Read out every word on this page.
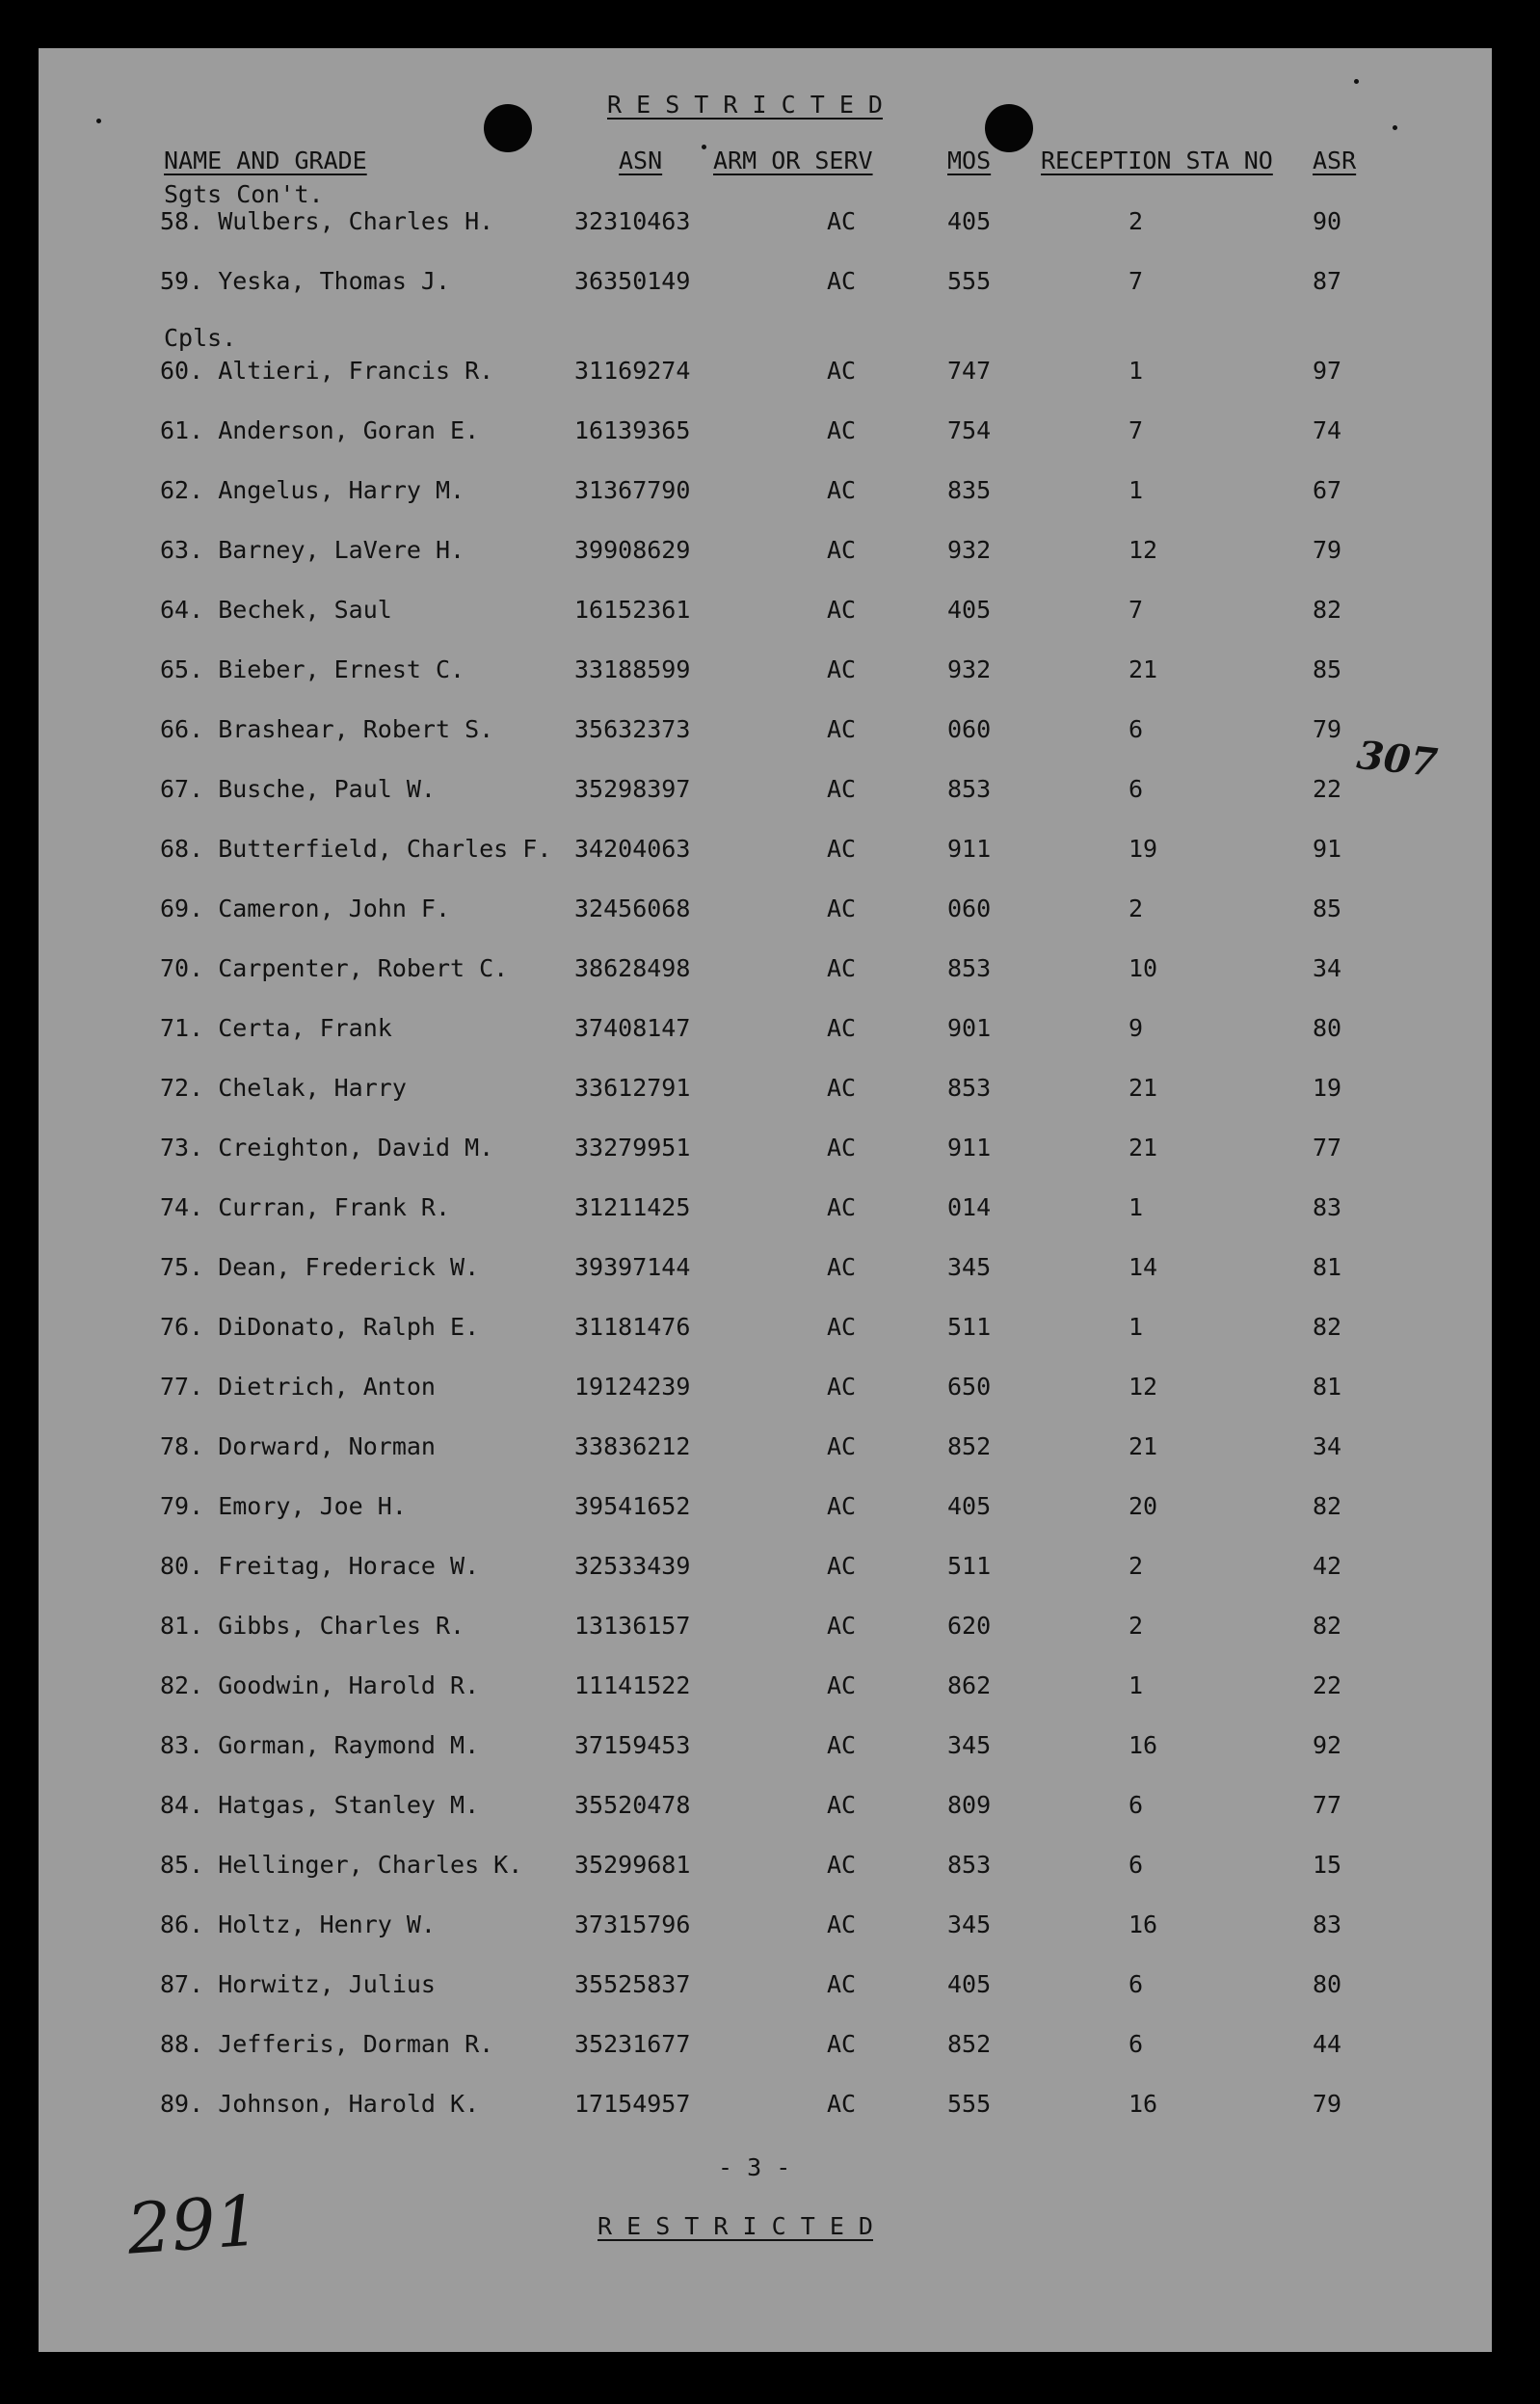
R E S T R I C T E D
NAME AND GRADE	ASN ARM OR SERV	MOS RECEPTION STA NO ASR
Sgts Con't.
Cpls.
58. Wulbers, Charles H.	32310463	AC	405	2	90
59. Yeska, Thomas J.	36350149	AC	555	7	87
60. Altieri, Francis R.	31169274	AC	747	1	97
61. Anderson, Goran E.	16139365	AC	754	7	74
62. Angelus, Harry M.	31367790	AC	835	1	67
63. Barney, LaVere H.	39908629	AC	932	12	79
64. Bechek, Saul	16152361	AC	405	7	82
65. Bieber, Ernest C.	33188599	AC	932	21	85
66. Brashear, Robert S.	35632373	AC	060	6	79
67. Busche, Paul W.	35298397	AC	853	6	22
68. Butterfield, Charles F. 34204063	AC	911	19	91
69. Cameron, John F.	32456068	AC	060	2	85
70. Carpenter, Robert C.	38628498	AC	853	10	34
71. Certa, Frank	37408147	AC	901	9	80
72. Chelak, Harry	33612791	AC	853	21	19
73. Creighton, David M.	33279951	AC	911	21	77
74. Curran, Frank R.	31211425	AC	014	1	83
75. Dean, Frederick W.	39397144	AC	345	14	81
76. DiDonato, Ralph E.	31181476	AC	511	1	82
77. Dietrich, Anton	19124239	AC	650	12	81
78. Dorward, Norman	33836212	AC	852	21	34
79. Emory, Joe H.	39541652	AC	405	20	82
80. Freitag, Horace W.	32533439	AC	511	2	42
81. Gibbs, Charles R.	13136157	AC	620	2	82
82. Goodwin, Harold R.	11141522	AC	862	1	22
83. Gorman, Raymond M.	37159453	AC	345	16	92
84. Hatgas, Stanley M.	35520478	AC	809	6	77
85. Hellinger, Charles K. 35299681	AC	853	6	15
86. Holtz, Henry W.	37315796	AC	345	16	83
87. Horwitz, Julius	35525837	AC	405	6	80
88. Jefferis, Dorman R.	35231677	AC	852	6	44
89. Johnson, Harold K.	17154957	AC	555	16	79
- 3 -
R E S T R I C T E D
307
291
